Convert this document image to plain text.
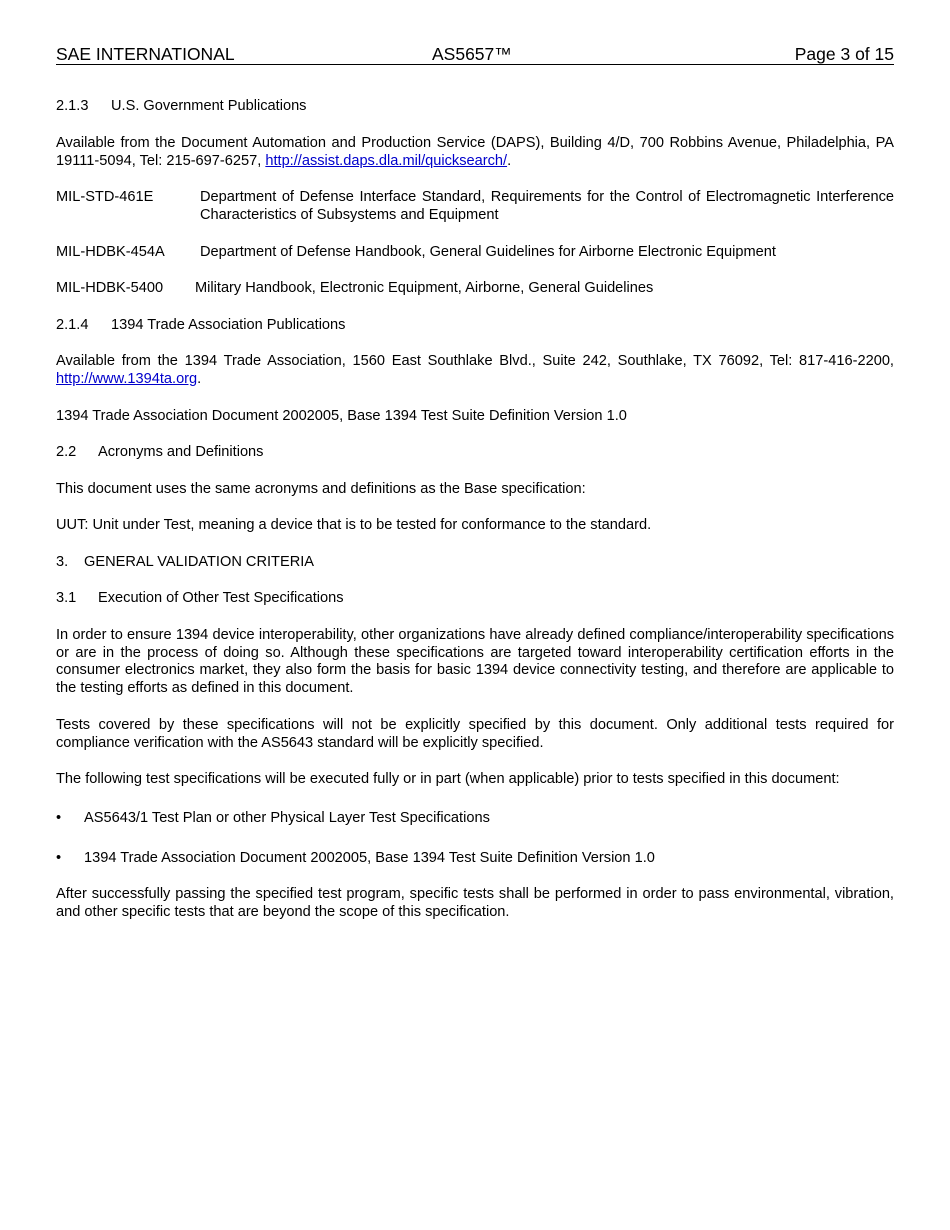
SAE INTERNATIONAL	AS5657™	Page 3 of 15
2.1.3 U.S. Government Publications
Available from the Document Automation and Production Service (DAPS), Building 4/D, 700 Robbins Avenue, Philadelphia, PA 19111-5094, Tel: 215-697-6257, http://assist.daps.dla.mil/quicksearch/.
MIL-STD-461E	Department of Defense Interface Standard, Requirements for the Control of Electromagnetic Interference Characteristics of Subsystems and Equipment
MIL-HDBK-454A Department of Defense Handbook, General Guidelines for Airborne Electronic Equipment
MIL-HDBK-5400 Military Handbook, Electronic Equipment, Airborne, General Guidelines
2.1.4 1394 Trade Association Publications
Available from the 1394 Trade Association, 1560 East Southlake Blvd., Suite 242, Southlake, TX 76092, Tel: 817-416-2200, http://www.1394ta.org.
1394 Trade Association Document 2002005, Base 1394 Test Suite Definition Version 1.0
2.2 Acronyms and Definitions
This document uses the same acronyms and definitions as the Base specification:
UUT: Unit under Test, meaning a device that is to be tested for conformance to the standard.
3. GENERAL VALIDATION CRITERIA
3.1 Execution of Other Test Specifications
In order to ensure 1394 device interoperability, other organizations have already defined compliance/interoperability specifications or are in the process of doing so. Although these specifications are targeted toward interoperability certification efforts in the consumer electronics market, they also form the basis for basic 1394 device connectivity testing, and therefore are applicable to the testing efforts as defined in this document.
Tests covered by these specifications will not be explicitly specified by this document. Only additional tests required for compliance verification with the AS5643 standard will be explicitly specified.
The following test specifications will be executed fully or in part (when applicable) prior to tests specified in this document:
• AS5643/1 Test Plan or other Physical Layer Test Specifications
• 1394 Trade Association Document 2002005, Base 1394 Test Suite Definition Version 1.0
After successfully passing the specified test program, specific tests shall be performed in order to pass environmental, vibration, and other specific tests that are beyond the scope of this specification.
